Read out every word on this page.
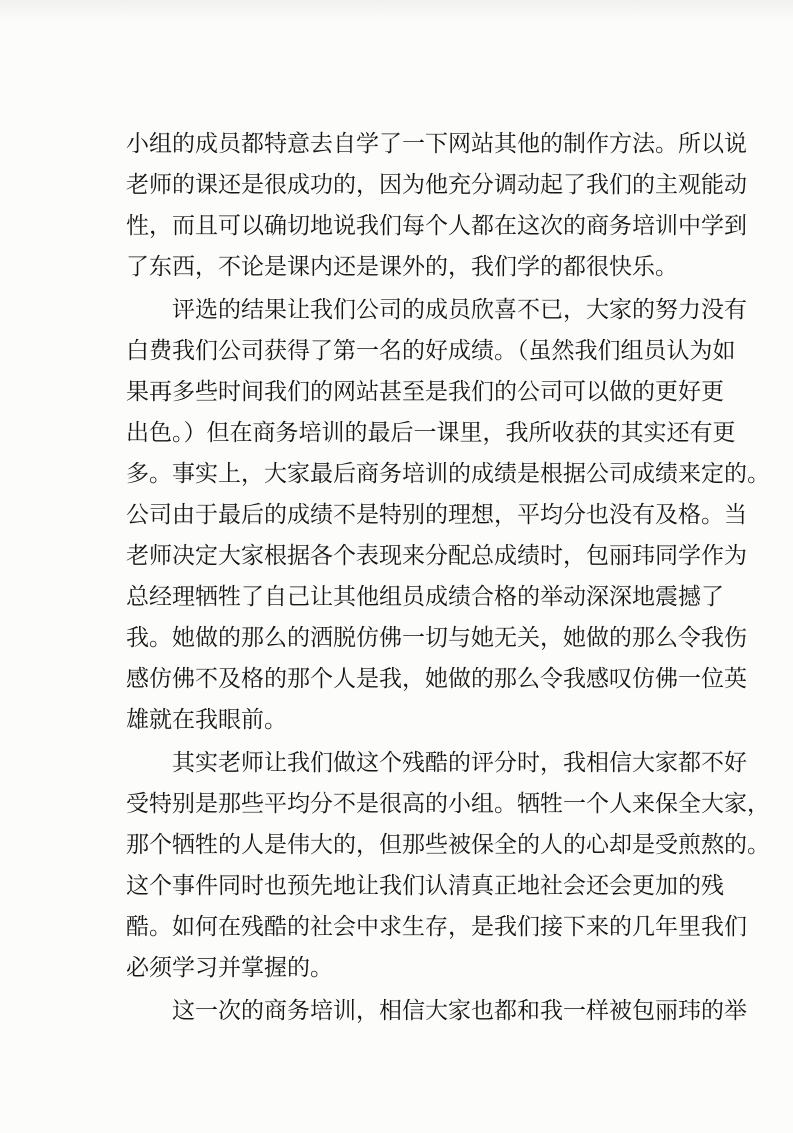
小组的成员都特意去自学了一下网站其他的制作方法。所以说
老师的课还是很成功的，因为他充分调动起了我们的主观能动
性，而且可以确切地说我们每个人都在这次的商务培训中学到
了东西，不论是课内还是课外的，我们学的都很快乐。
评选的结果让我们公司的成员欣喜不已，大家的努力没有
白费我们公司获得了第一名的好成绩。（虽然我们组员认为如
果再多些时间我们的网站甚至是我们的公司可以做的更好更
出色。）但在商务培训的最后一课里，我所收获的其实还有更
多。事实上，大家最后商务培训的成绩是根据公司成绩来定的。
公司由于最后的成绩不是特别的理想，平均分也没有及格。当
老师决定大家根据各个表现来分配总成绩时，包丽玮同学作为
总经理牺牲了自己让其他组员成绩合格的举动深深地震撼了
我。她做的那么的洒脱仿佛一切与她无关，她做的那么令我伤
感仿佛不及格的那个人是我，她做的那么令我感叹仿佛一位英
雄就在我眼前。
其实老师让我们做这个残酷的评分时，我相信大家都不好
受特别是那些平均分不是很高的小组。牺牲一个人来保全大家，
那个牺牲的人是伟大的，但那些被保全的人的心却是受煎熬的。
这个事件同时也预先地让我们认清真正地社会还会更加的残
酷。如何在残酷的社会中求生存，是我们接下来的几年里我们
必须学习并掌握的。
这一次的商务培训，相信大家也都和我一样被包丽玮的举
